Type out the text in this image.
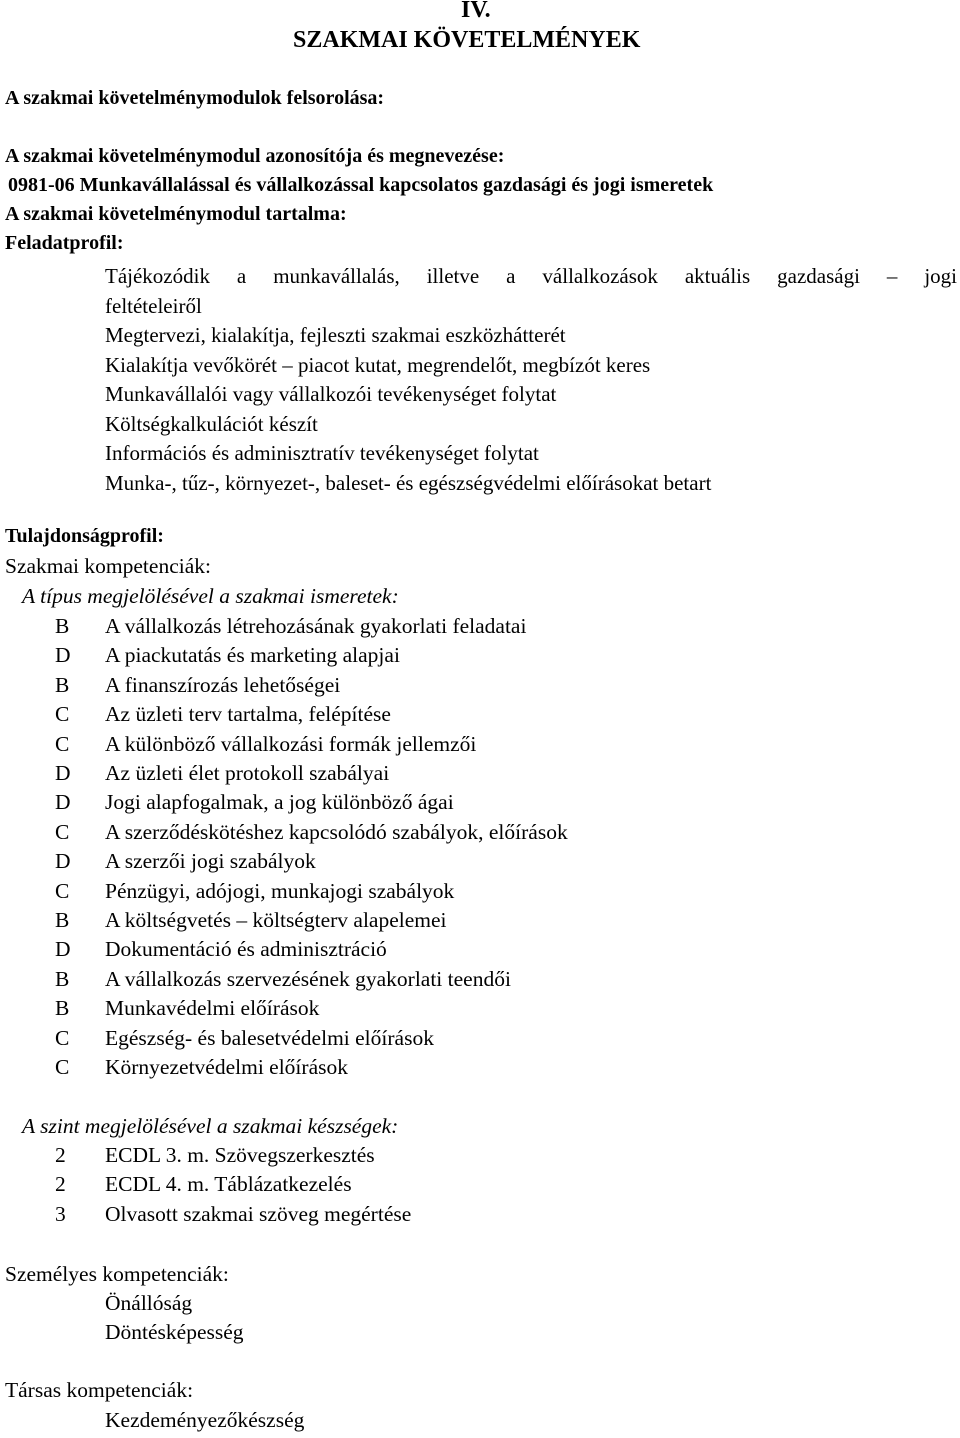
IV.
SZAKMAI KÖVETELMÉNYEK
A szakmai követelménymodulok felsorolása:
A szakmai követelménymodul azonosítója és megnevezése:
0981-06 Munkavállalással és vállalkozással kapcsolatos gazdasági és jogi ismeretek
A szakmai követelménymodul tartalma:
Feladatprofil:
Tájékozódik a munkavállalás, illetve a vállalkozások aktuális gazdasági – jogi
feltételeiről
Megtervezi, kialakítja, fejleszti szakmai eszközhátterét
Kialakítja vevőkörét – piacot kutat, megrendelőt, megbízót keres
Munkavállalói vagy vállalkozói tevékenységet folytat
Költségkalkulációt készít
Információs és adminisztratív tevékenységet folytat
Munka-, tűz-, környezet-, baleset- és egészségvédelmi előírásokat betart
Tulajdonságprofil:
Szakmai kompetenciák:
A típus megjelölésével a szakmai ismeretek:
B A vállalkozás létrehozásának gyakorlati feladatai
D A piackutatás és marketing alapjai
B A finanszírozás lehetőségei
C Az üzleti terv tartalma, felépítése
C A különböző vállalkozási formák jellemzői
D Az üzleti élet protokoll szabályai
D Jogi alapfogalmak, a jog különböző ágai
C A szerződéskötéshez kapcsolódó szabályok, előírások
D A szerzői jogi szabályok
C Pénzügyi, adójogi, munkajogi szabályok
B A költségvetés – költségterv alapelemei
D Dokumentáció és adminisztráció
B A vállalkozás szervezésének gyakorlati teendői
B Munkavédelmi előírások
C Egészség- és balesetvédelmi előírások
C Környezetvédelmi előírások
A szint megjelölésével a szakmai készségek:
2 ECDL 3. m. Szövegszerkesztés
2 ECDL 4. m. Táblázatkezelés
3 Olvasott szakmai szöveg megértése
Személyes kompetenciák:
Önállóság
Döntésképesség
Társas kompetenciák:
Kezdeményezőkészség
